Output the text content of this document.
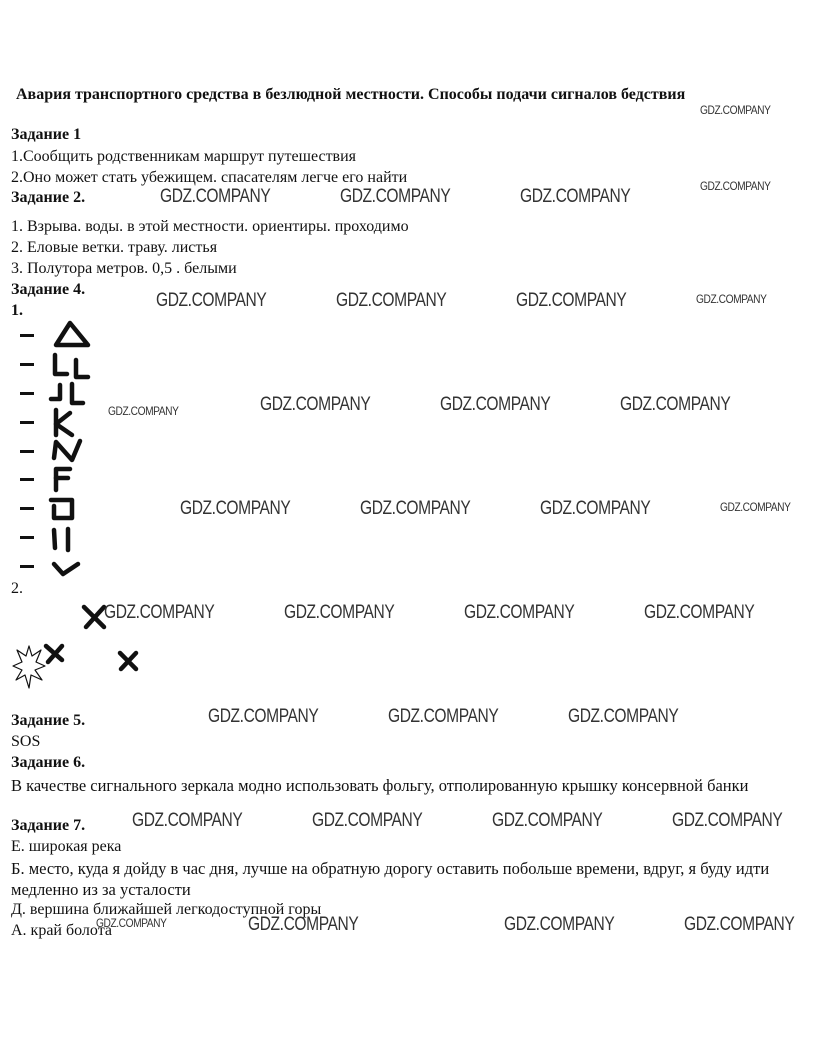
Авария транспортного средства в безлюдной местности. Способы подачи сигналов бедствия
Задание 1
1.Сообщить родственникам маршрут путешествия
2.Оно может стать убежищем. спасателям легче его найти
Задание 2.
1. Взрыва. воды. в этой местности. ориентиры. проходимо
2. Еловые ветки. траву. листья
3. Полутора метров. 0,5 . белыми
Задание 4.
1.
2.
Задание 5.
SOS
Задание 6.
В качестве сигнального зеркала модно использовать фольгу, отполированную крышку консервной банки
Задание 7.
Е. широкая река
Б. место, куда я дойду в час дня, лучше на обратную дорогу оставить побольше времени, вдруг, я буду идти медленно из за усталости
Д. вершина ближайшей легкодоступной горы
А. край болота
GDZ.COMPANY
GDZ.COMPANY	GDZ.COMPANY	GDZ.COMPANY	GDZ.COMPANY
GDZ.COMPANY	GDZ.COMPANY	GDZ.COMPANY	GDZ.COMPANY
GDZ.COMPANY	GDZ.COMPANY	GDZ.COMPANY	GDZ.COMPANY
GDZ.COMPANY	GDZ.COMPANY	GDZ.COMPANY	GDZ.COMPANY
GDZ.COMPANY	GDZ.COMPANY	GDZ.COMPANY	GDZ.COMPANY
GDZ.COMPANY	GDZ.COMPANY	GDZ.COMPANY
GDZ.COMPANY	GDZ.COMPANY	GDZ.COMPANY	GDZ.COMPANY
GDZ.COMPANY	GDZ.COMPANY	GDZ.COMPANY	GDZ.COMPANY
